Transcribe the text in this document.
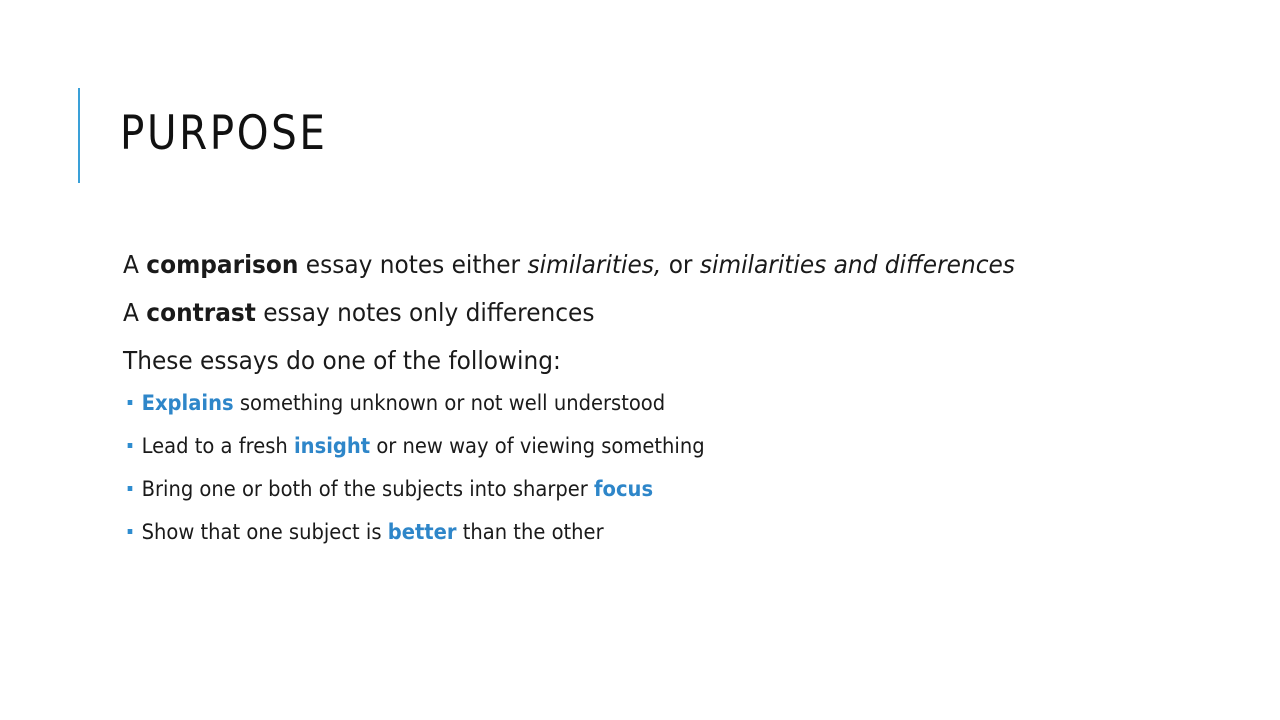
PURPOSE

A comparison essay notes either similarities, or similarities and differences

A contrast essay notes only differences

These essays do one of the following:

Explains something unknown or not well understood
Lead to a fresh insight or new way of viewing something
Bring one or both of the subjects into sharper focus
Show that one subject is better than the other
